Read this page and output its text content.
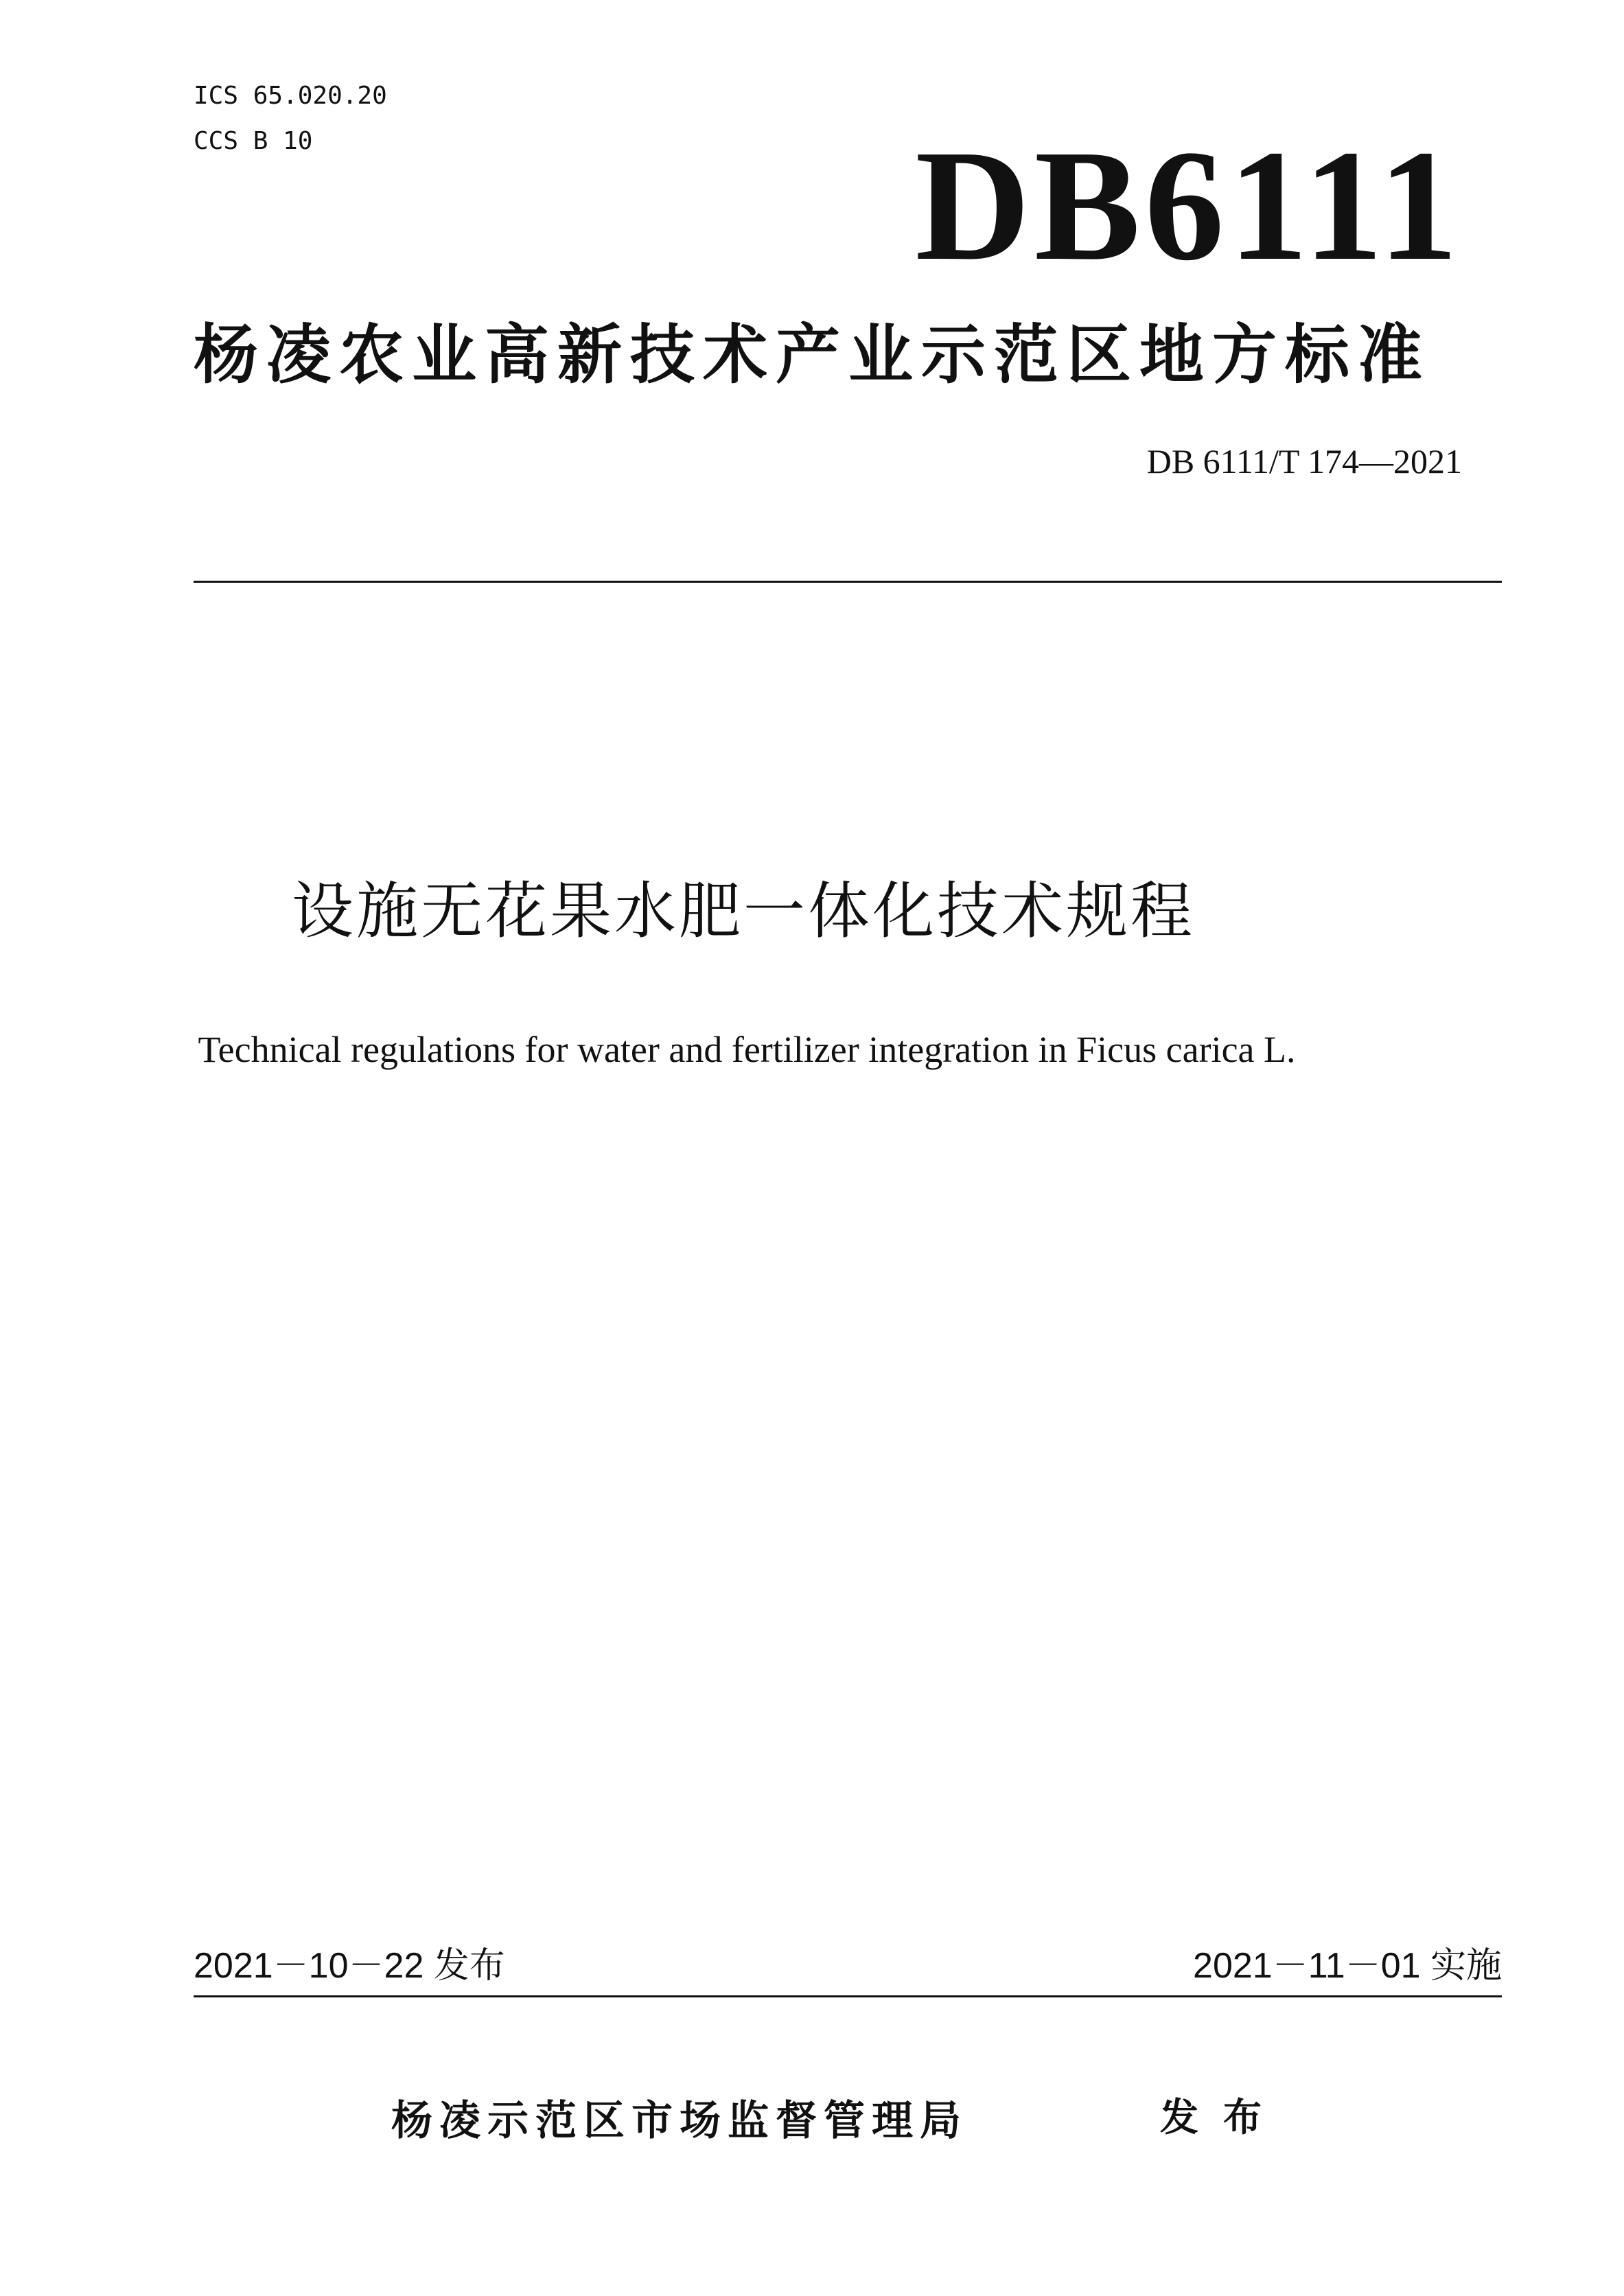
ICS 65.020.20
CCS B 10	DB6111
杨凌农业高新技术产业示范区地方标准
DB 6111/T 174—2021
设施无花果水肥一体化技术规程
Technical regulations for water and fertilizer integration in Ficus carica L.
2021－10－22 发布	2021－11－01 实施
杨凌示范区市场监督管理局	发布
